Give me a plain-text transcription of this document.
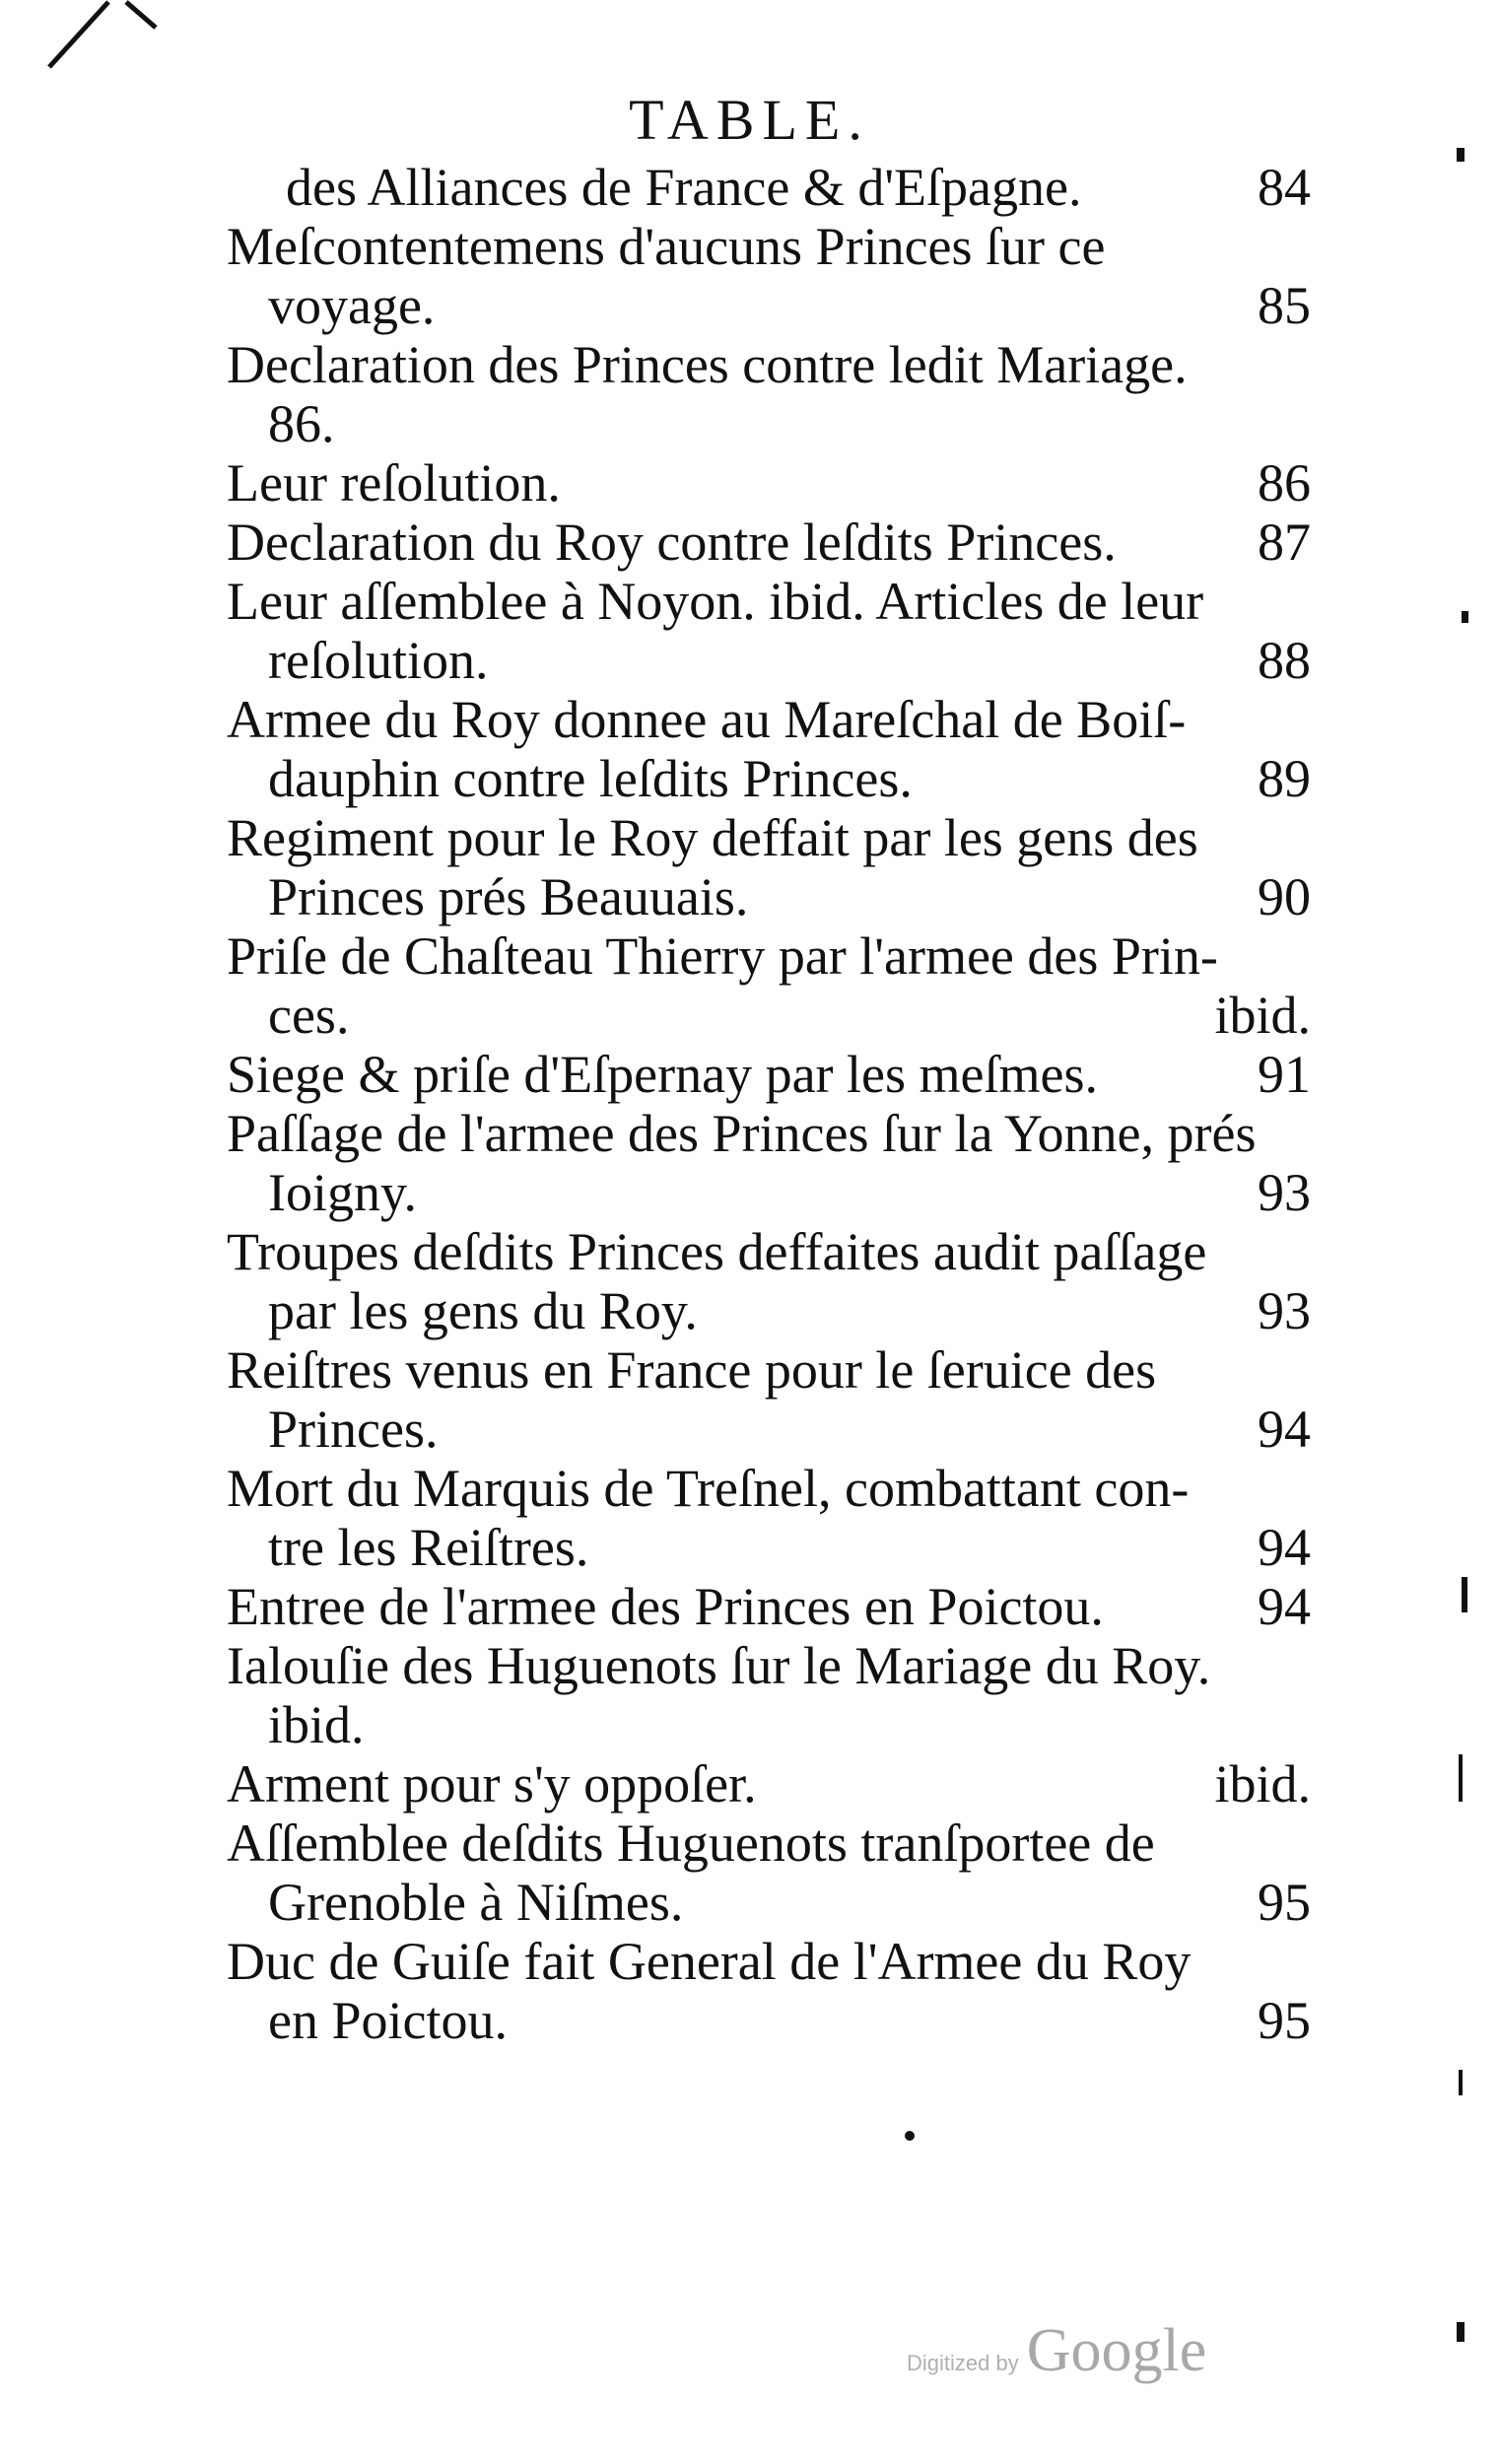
TABLE.
des Alliances de France & d'Eſpagne.	84
Meſcontentemens d'aucuns Princes ſur ce
voyage.	85
Declaration des Princes contre ledit Mariage.
86.
Leur reſolution.	86
Declaration du Roy contre leſdits Princes.	87
Leur aſſemblee à Noyon. ibid. Articles de leur
reſolution.	88
Armee du Roy donnee au Mareſchal de Boiſ-
dauphin contre leſdits Princes.	89
Regiment pour le Roy deffait par les gens des
Princes prés Beauuais.	90
Priſe de Chaſteau Thierry par l'armee des Prin-
ces.	ibid.
Siege & priſe d'Eſpernay par les meſmes.	91
Paſſage de l'armee des Princes ſur la Yonne, prés
Ioigny.	93
Troupes deſdits Princes deffaites audit paſſage
par les gens du Roy.	93
Reiſtres venus en France pour le ſeruice des
Princes.	94
Mort du Marquis de Treſnel, combattant con-
tre les Reiſtres.	94
Entree de l'armee des Princes en Poictou.	94
Ialouſie des Huguenots ſur le Mariage du Roy.
ibid.
Arment pour s'y oppoſer.	ibid.
Aſſemblee deſdits Huguenots tranſportee de
Grenoble à Niſmes.	95
Duc de Guiſe fait General de l'Armee du Roy
en Poictou.	95
Digitized by Google
